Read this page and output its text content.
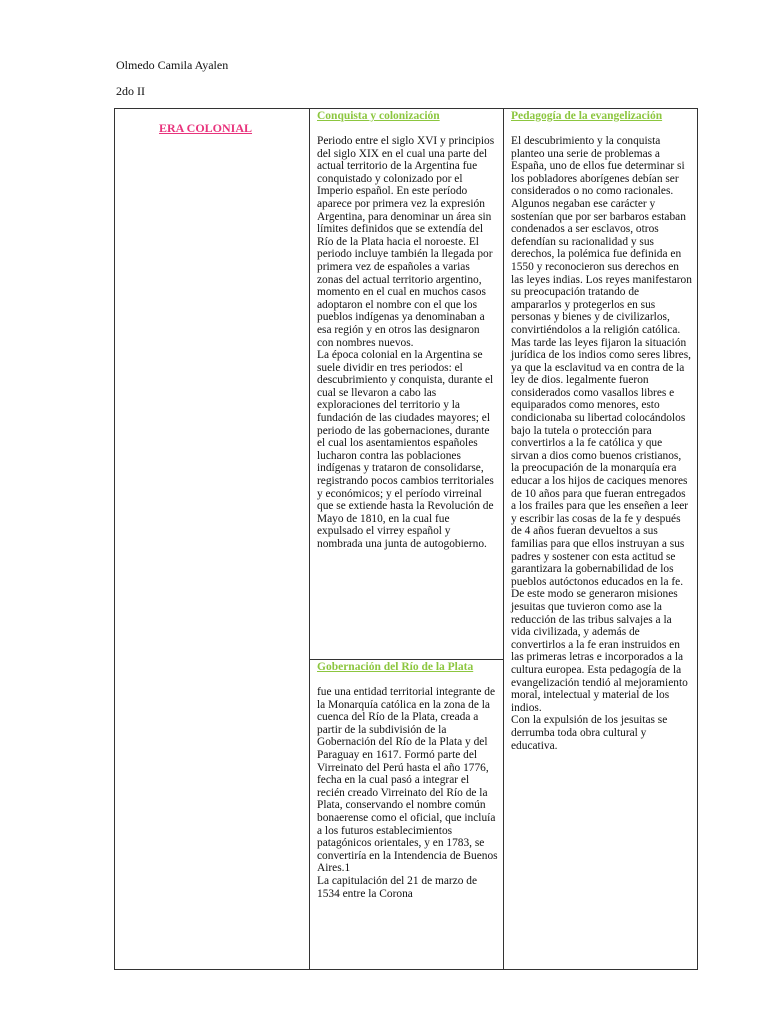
Olmedo Camila Ayalen
2do II
ERA COLONIAL
Conquista y colonización

Periodo entre el siglo XVI y principios del siglo XIX en el cual una parte del actual territorio de la Argentina fue conquistado y colonizado por el Imperio español. En este período aparece por primera vez la expresión Argentina, para denominar un área sin límites definidos que se extendía del Río de la Plata hacia el noroeste. El periodo incluye también la llegada por primera vez de españoles a varias zonas del actual territorio argentino, momento en el cual en muchos casos adoptaron el nombre con el que los pueblos indígenas ya denominaban a esa región y en otros las designaron con nombres nuevos.

La época colonial en la Argentina se suele dividir en tres periodos: el descubrimiento y conquista, durante el cual se llevaron a cabo las exploraciones del territorio y la fundación de las ciudades mayores; el periodo de las gobernaciones, durante el cual los asentamientos españoles lucharon contra las poblaciones indígenas y trataron de consolidarse, registrando pocos cambios territoriales y económicos; y el período virreinal que se extiende hasta la Revolución de Mayo de 1810, en la cual fue expulsado el virrey español y nombrada una junta de autogobierno.

Gobernación del Río de la Plata

fue una entidad territorial integrante de la Monarquía católica en la zona de la cuenca del Río de la Plata, creada a partir de la subdivisión de la Gobernación del Río de la Plata y del Paraguay en 1617. Formó parte del Virreinato del Perú hasta el año 1776, fecha en la cual pasó a integrar el recién creado Virreinato del Río de la Plata, conservando el nombre común bonaerense como el oficial, que incluía a los futuros establecimientos patagónicos orientales, y en 1783, se convertiría en la Intendencia de Buenos Aires.1

La capitulación del 21 de marzo de 1534 entre la Corona

Pedagogía de la evangelización

El descubrimiento y la conquista planteo una serie de problemas a España, uno de ellos fue determinar si los pobladores aborígenes debían ser considerados o no como racionales.

Algunos negaban ese carácter y sostenían que por ser barbaros estaban condenados a ser esclavos, otros defendían su racionalidad y sus derechos, la polémica fue definida en 1550 y reconocieron sus derechos en las leyes indias. Los reyes manifestaron su preocupación tratando de ampararlos y protegerlos en sus personas y bienes y de civilizarlos, convirtiéndolos a la religión católica. Mas tarde las leyes fijaron la situación jurídica de los indios como seres libres, ya que la esclavitud va en contra de la ley de dios. legalmente fueron considerados como vasallos libres e equiparados como menores, esto condicionaba su libertad colocándolos bajo la tutela o protección para convertirlos a la fe católica y que sirvan a dios como buenos cristianos, la preocupación de la monarquía era educar a los hijos de caciques menores de 10 años para que fueran entregados a los frailes para que les enseñen a leer y escribir las cosas de la fe y después de 4 años fueran devueltos a sus familias para que ellos instruyan a sus padres y sostener con esta actitud se garantizara la gobernabilidad de los pueblos autóctonos educados en la fe.

De este modo se generaron misiones jesuitas que tuvieron como ase la reducción de las tribus salvajes a la vida civilizada, y además de convertirlos a la fe eran instruidos en las primeras letras e incorporados a la cultura europea. Esta pedagogía de la evangelización tendió al mejoramiento moral, intelectual y material de los indios.

Con la expulsión de los jesuitas se derrumba toda obra cultural y educativa.
